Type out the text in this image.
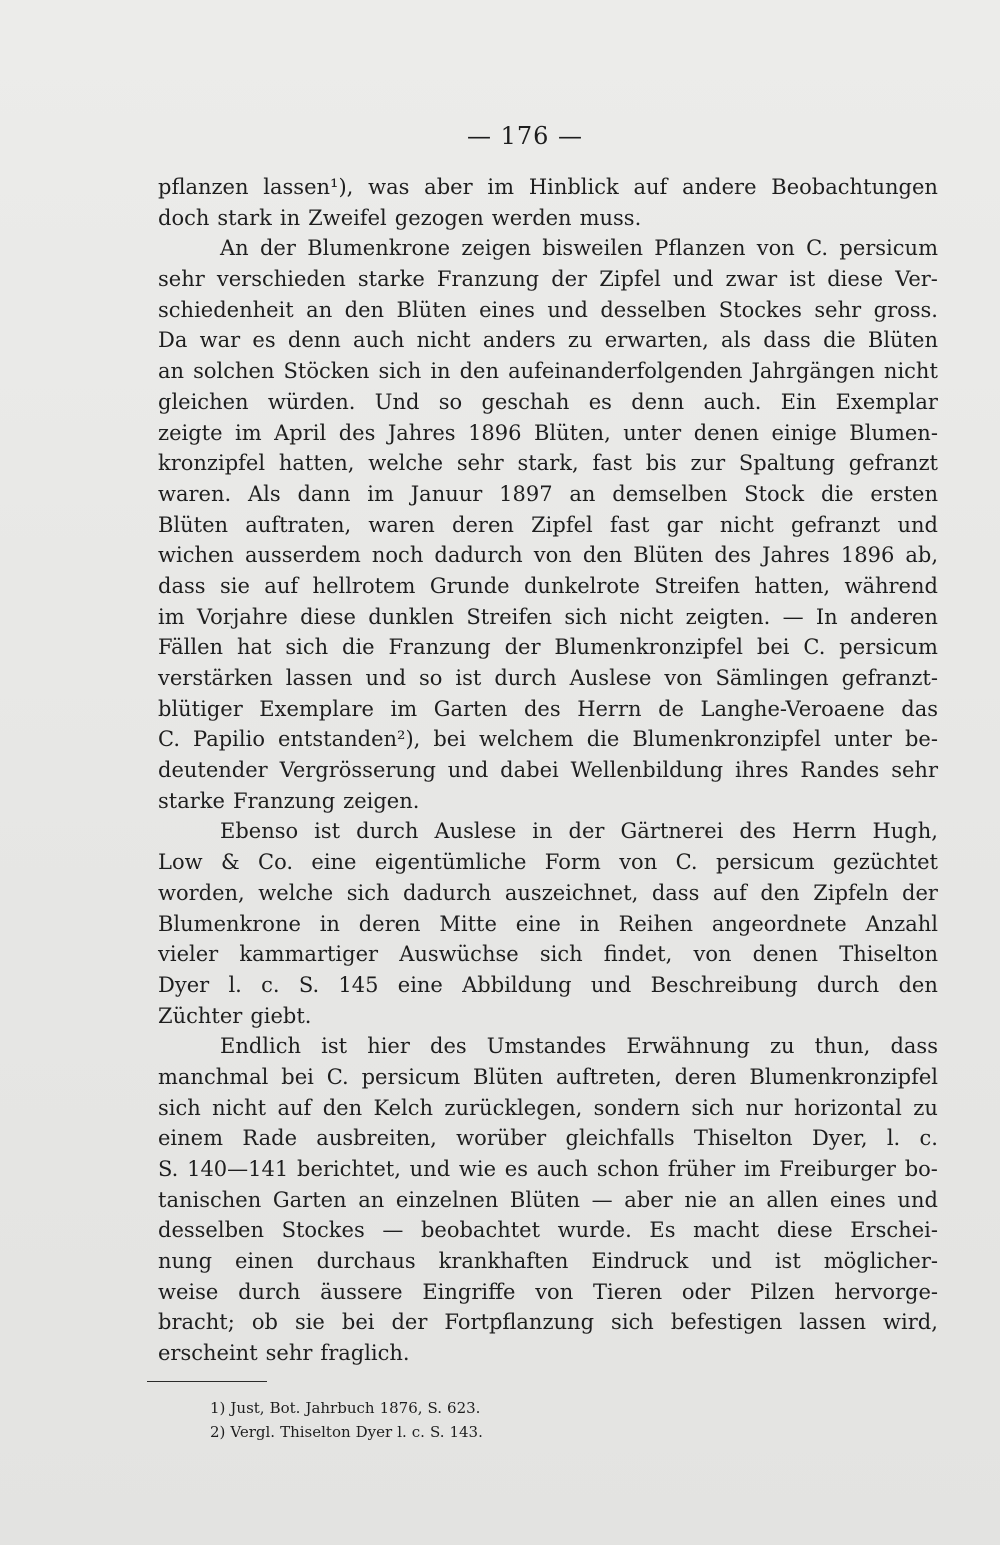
— 176 —
pflanzen lassen¹), was aber im Hinblick auf andere Beobachtungen
doch stark in Zweifel gezogen werden muss.
An der Blumenkrone zeigen bisweilen Pflanzen von C. persicum
sehr verschieden starke Franzung der Zipfel und zwar ist diese Ver-
schiedenheit an den Blüten eines und desselben Stockes sehr gross.
Da war es denn auch nicht anders zu erwarten, als dass die Blüten
an solchen Stöcken sich in den aufeinanderfolgenden Jahrgängen nicht
gleichen würden. Und so geschah es denn auch. Ein Exemplar
zeigte im April des Jahres 1896 Blüten, unter denen einige Blumen-
kronzipfel hatten, welche sehr stark, fast bis zur Spaltung gefranzt
waren. Als dann im Januur 1897 an demselben Stock die ersten
Blüten auftraten, waren deren Zipfel fast gar nicht gefranzt und
wichen ausserdem noch dadurch von den Blüten des Jahres 1896 ab,
dass sie auf hellrotem Grunde dunkelrote Streifen hatten, während
im Vorjahre diese dunklen Streifen sich nicht zeigten. — In anderen
Fällen hat sich die Franzung der Blumenkronzipfel bei C. persicum
verstärken lassen und so ist durch Auslese von Sämlingen gefranzt-
blütiger Exemplare im Garten des Herrn de Langhe-Veroaene das
C. Papilio entstanden²), bei welchem die Blumenkronzipfel unter be-
deutender Vergrösserung und dabei Wellenbildung ihres Randes sehr
starke Franzung zeigen.
Ebenso ist durch Auslese in der Gärtnerei des Herrn Hugh,
Low & Co. eine eigentümliche Form von C. persicum gezüchtet
worden, welche sich dadurch auszeichnet, dass auf den Zipfeln der
Blumenkrone in deren Mitte eine in Reihen angeordnete Anzahl
vieler kammartiger Auswüchse sich findet, von denen Thiselton
Dyer l. c. S. 145 eine Abbildung und Beschreibung durch den
Züchter giebt.
Endlich ist hier des Umstandes Erwähnung zu thun, dass
manchmal bei C. persicum Blüten auftreten, deren Blumenkronzipfel
sich nicht auf den Kelch zurücklegen, sondern sich nur horizontal zu
einem Rade ausbreiten, worüber gleichfalls Thiselton Dyer, l. c.
S. 140—141 berichtet, und wie es auch schon früher im Freiburger bo-
tanischen Garten an einzelnen Blüten — aber nie an allen eines und
desselben Stockes — beobachtet wurde. Es macht diese Erschei-
nung einen durchaus krankhaften Eindruck und ist möglicher-
weise durch äussere Eingriffe von Tieren oder Pilzen hervorge-
bracht; ob sie bei der Fortpflanzung sich befestigen lassen wird,
erscheint sehr fraglich.
1) Just, Bot. Jahrbuch 1876, S. 623.
2) Vergl. Thiselton Dyer l. c. S. 143.
